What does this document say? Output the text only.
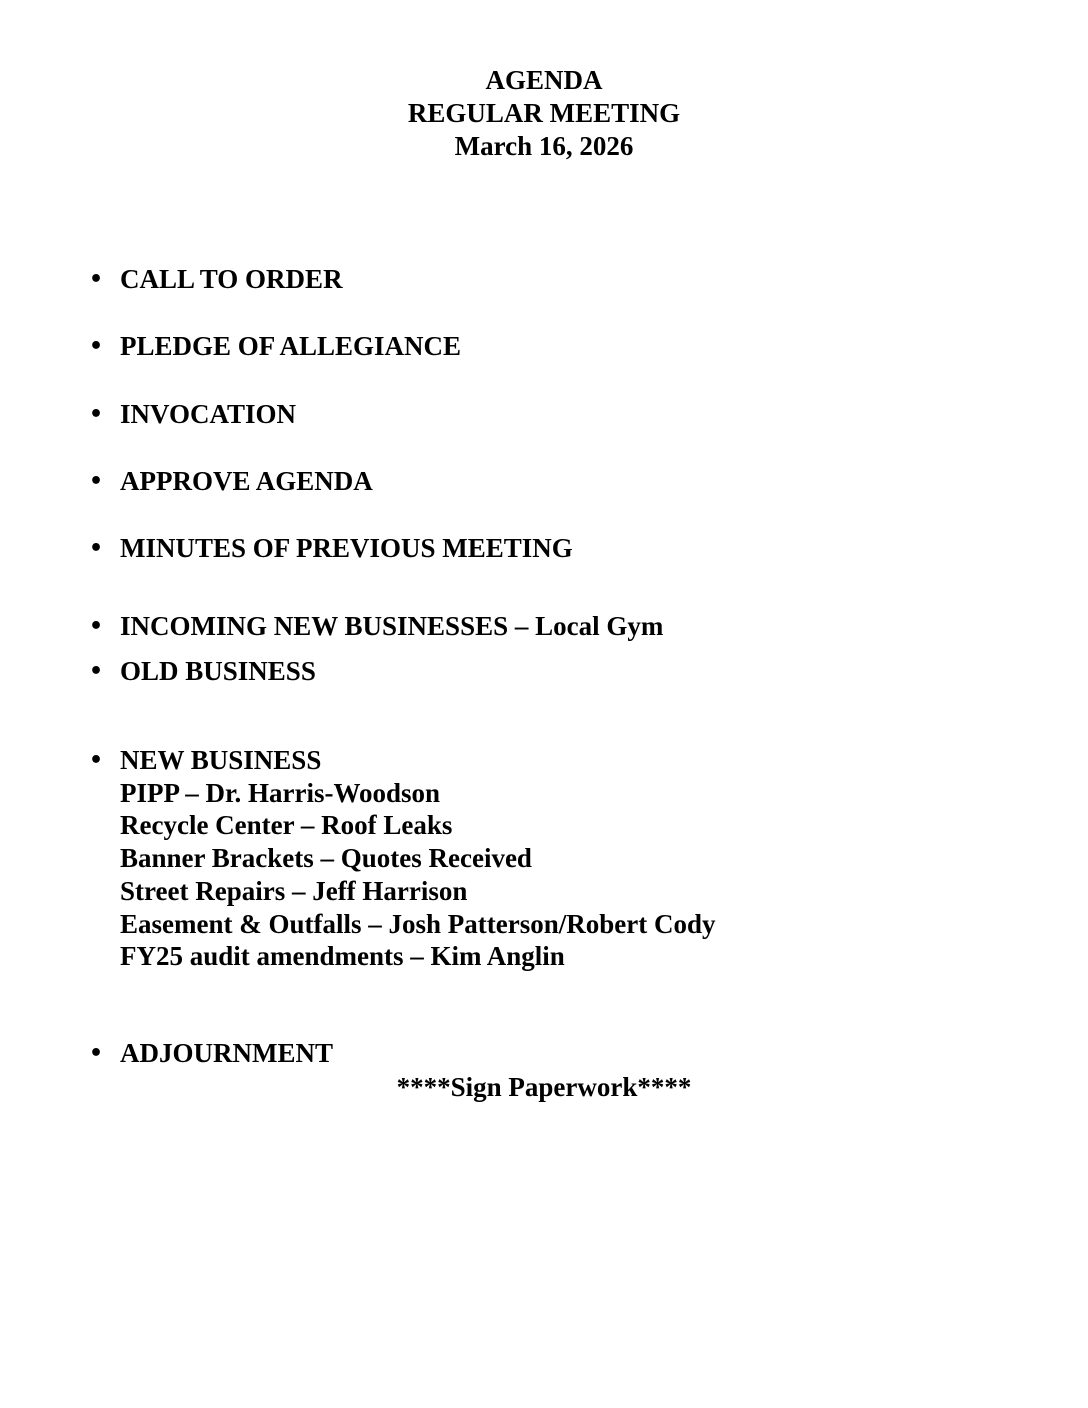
AGENDA
REGULAR MEETING
March 16, 2026
• CALL TO ORDER
• PLEDGE OF ALLEGIANCE
• INVOCATION
• APPROVE AGENDA
• MINUTES OF PREVIOUS MEETING
• INCOMING NEW BUSINESSES – Local Gym
• OLD BUSINESS
• NEW BUSINESS
PIPP – Dr. Harris-Woodson
Recycle Center – Roof Leaks
Banner Brackets – Quotes Received
Street Repairs – Jeff Harrison
Easement & Outfalls – Josh Patterson/Robert Cody
FY25 audit amendments – Kim Anglin
• ADJOURNMENT
****Sign Paperwork****
